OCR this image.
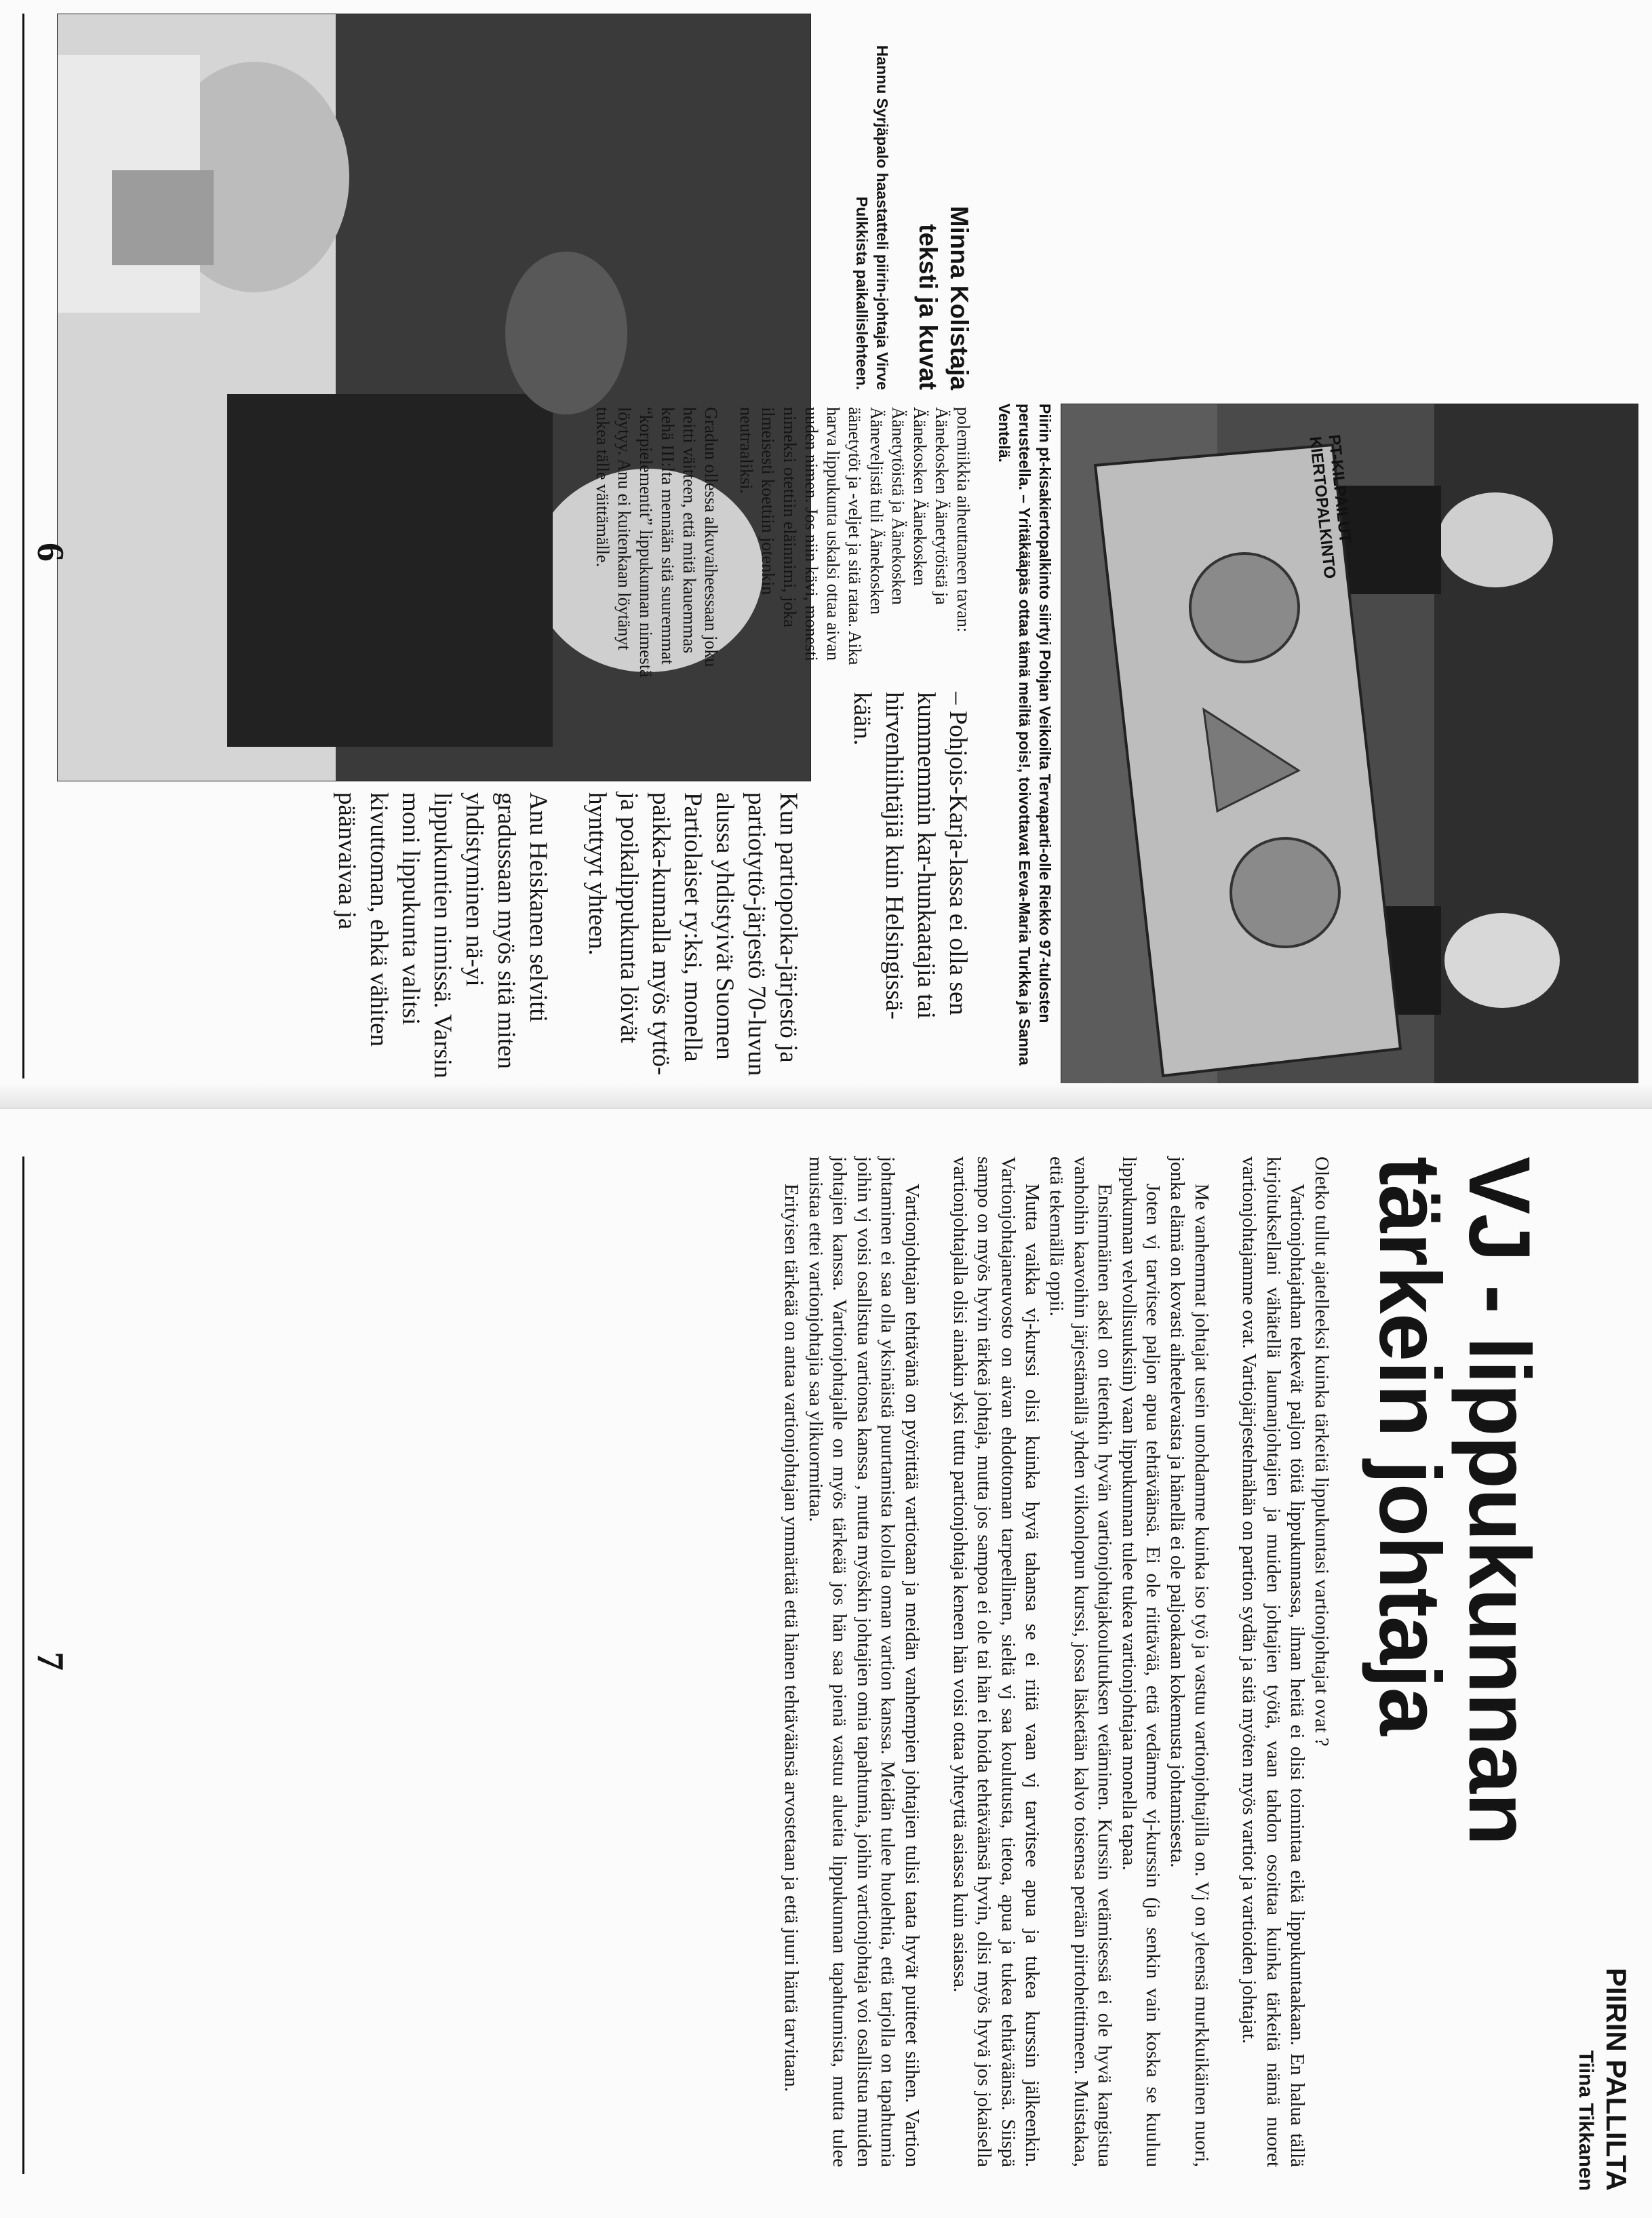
PT-KILPAILUT KIERTOPALKINTO

Piirin pt-kisakiertopalkinto siirtyi Pohjan Veikoilta Tervaparti-olle Riekko 97-tulosten perusteella. – Yritäkääpäs ottaa tämä meiltä pois!, toivottavat Eeva-Maria Turkka ja Sanna Ventelä.

Kun partiopoika-järjestö ja partiotyttö-järjestö 70-luvun alussa yhdistyivät Suomen Partiolaiset ry:ksi, monella paikka-kunnalla myös tyttö- ja poikalippukunta löivät hynttyyt yhteen.

Anu Heiskanen selvitti gradussaan myös sitä miten yhdistyminen nä-yi lippukuntien nimissä. Varsin moni lippukunta valitsi kivuttoman, ehkä vähiten päänvaivaa ja

Minna Kolistaja

teksti ja kuvat

Hannu Syrjäpalo haastatteli piirin-johtaja Virve Pulkkista paikallislehteen.

– Pohjois-Karja-lassa ei olla sen kummemmin kar-hunkaatajia tai hirvenhiihtäjiä kuin Helsingissä-kään.

6	polemiikkia aiheuttaneen tavan: Äänekosken Äänetytöistä ja Äänekosken Äänekosken Äänetytöistä ja Äänekosken Ääneveljistä tuli Äänekosken äänetytöt ja -veljet ja sitä rataa. Aika harva lippukunta uskalsi ottaa aivan uuden nimen. Jos niin kävi, monesti nimeksi otettiin eläinnimi, joka ilmeisesti koettiin jotenkin neutraaliksi.

Gradun ollessa alkuvaiheessaan joku heitti väitteen, että mitä kauemmas kehä III:lta mennään sitä suuremmat “korpielementit” lippukunnan nimestä löytyy. Anu ei kuitenkaan löytänyt tukea tälle väittämälle.

PIIRIN PALLILTA
Tiina Tikkanen
VJ - lippukunnan
tärkein johtaja

Oletko tullut ajatelleeksi kuinka tärkeitä lippukuntasi vartionjohtajat ovat ?

Vartionjohtajathan tekevät paljon töitä lippukunnassa, ilman heitä ei olisi toimintaa eikä lippukuntaakaan. En halua tällä kirjoituksellani vähätellä laumanjohtajien ja muiden johtajien työtä, vaan tahdon osoittaa kuinka tärkeitä nämä nuoret vartionjohtajamme ovat. Vartiojärjestelmähän on partion sydän ja sitä myöten myös vartiot ja vartioiden johtajat.

Me vanhemmat johtajat usein unohdamme kuinka iso työ ja vastuu vartionjohtajilla on. Vj on yleensä murkkuikäinen nuori, jonka elämä on kovasti aihetelevaista ja hänellä ei ole paljoakaan kokemusta johtamisesta.

Joten vj tarvitsee paljon apua tehtäväänsä. Ei ole riittävää, että vedämme vj-kurssin (ja senkin vain koska se kuuluu lippukunnan velvollisuuksiin) vaan lippukunnan tulee tukea vartionjohtajaa monella tapaa.

Ensimmäinen askel on tietenkin hyvän vartionjohtajakoulutuksen vetäminen. Kurssin vetämisessä ei ole hyvä kangistua vanhoihin kaavoihin järjestämällä yhden viikonlopun kurssi, jossa läsketään kalvo toisensa perään piirtoheittimeen. Muistakaa, että tekemällä oppii.

Mutta vaikka vj-kurssi olisi kuinka hyvä tahansa se ei riitä vaan vj tarvitsee apua ja tukea kurssin jälkeenkin. Vartionjohtajaneuvosto on aivan ehdottoman tarpeellinen, sieltä vj saa koulutusta, tietoa, apua ja tukea tehtäväänsä. Siispä sampo on myös hyvin tärkeä johtaja, mutta jos sampoa ei ole tai hän ei hoida tehtäväänsä hyvin, olisi myös hyvä jos jokaisella vartionjohtajalla olisi ainakin yksi tuttu partionjohtaja keneen hän voisi ottaa yhteyttä asiassa kuin asiassa.

Vartionjohtajan tehtävänä on pyörittää vartiotaan ja meidän vanhempien johtajien tulisi taata hyvät puitteet siihen. Vartion johtaminen ei saa olla yksinäistä puurtamista kololla oman vartion kanssa. Meidän tulee huolehtia, että tarjolla on tapahtumia joihin vj voisi osallistua vartionsa kanssa , mutta myöskin johtajien omia tapahtumia, joihin vartionjohtaja voi osallistua muiden johtajien kanssa. Vartionjohtajalle on myös tärkeää jos hän saa pienä vastuu alueita lippukunnan tapahtumista, mutta tulee muistaa ettei vartionjohtajia saa ylikuormittaa.

Erityisen tärkeää on antaa vartionjohtajan ymmärtää että hänen tehtäväänsä arvostetaan ja että juuri häntä tarvitaan.

7
